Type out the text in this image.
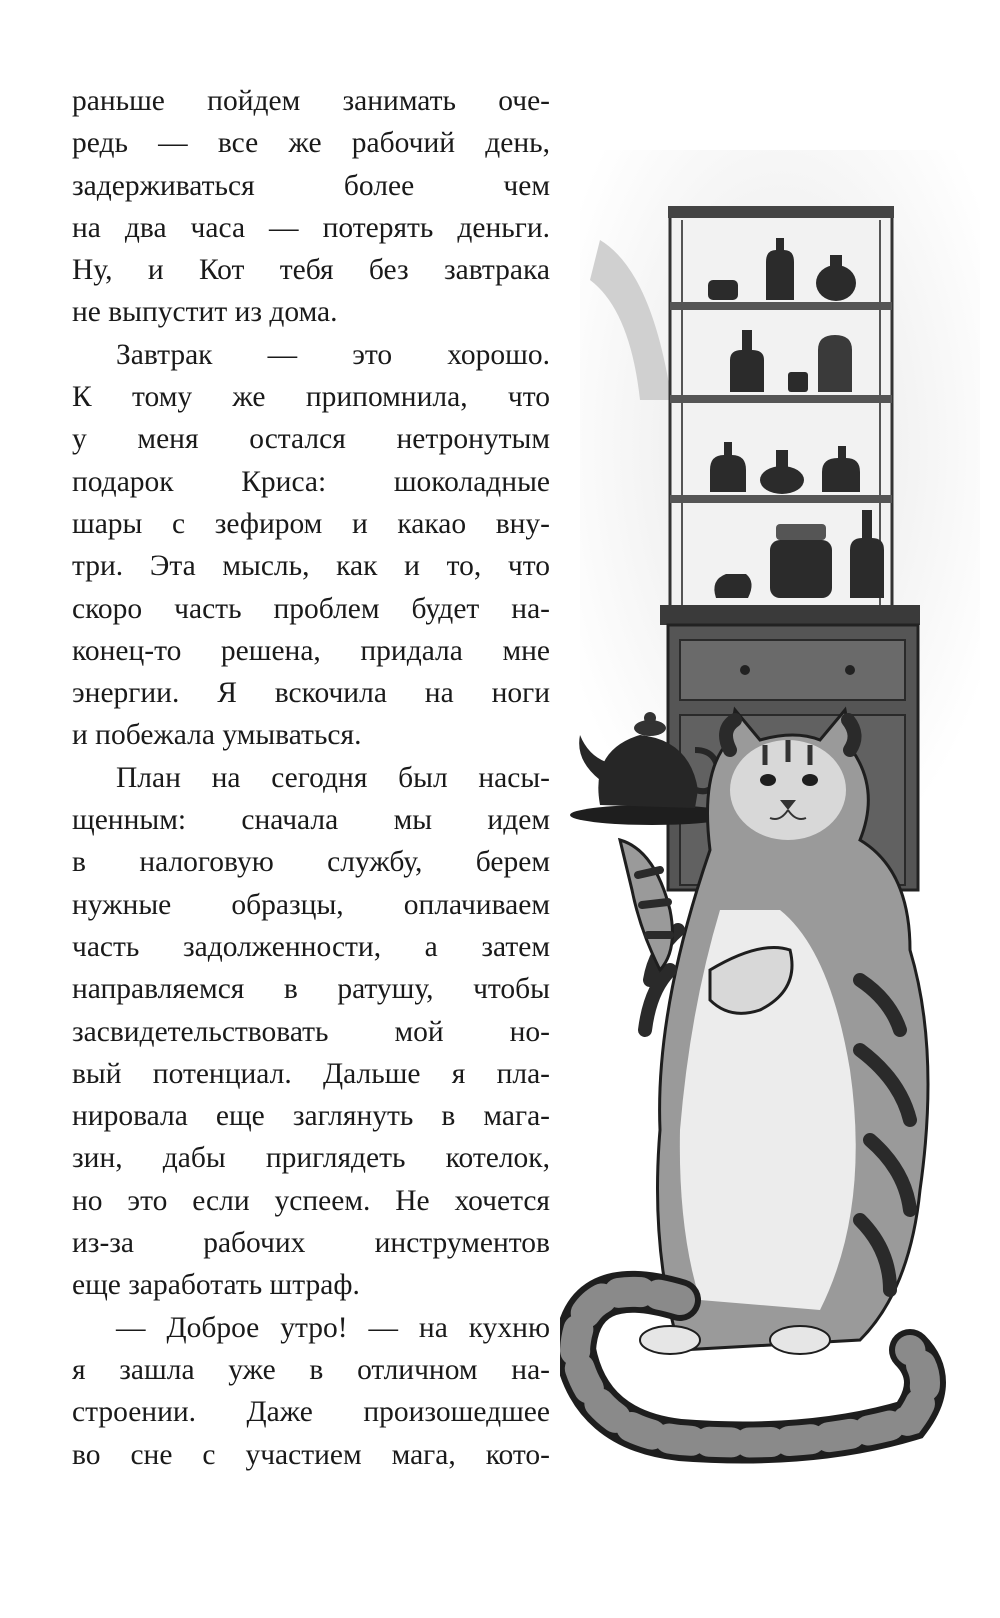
раньше пойдем занимать оче-
редь — все же рабочий день,
задерживаться более чем
на два часа — потерять деньги.
Ну, и Кот тебя без завтрака
не выпустит из дома.
Завтрак — это хорошо.
К тому же припомнила, что
у меня остался нетронутым
подарок Криса: шоколадные
шары с зефиром и какао вну-
три. Эта мысль, как и то, что
скоро часть проблем будет на-
конец-то решена, придала мне
энергии. Я вскочила на ноги
и побежала умываться.
План на сегодня был насы-
щенным: сначала мы идем
в налоговую службу, берем
нужные образцы, оплачиваем
часть задолженности, а затем
направляемся в ратушу, чтобы
засвидетельствовать мой но-
вый потенциал. Дальше я пла-
нировала еще заглянуть в мага-
зин, дабы приглядеть котелок,
но это если успеем. Не хочется
из-за рабочих инструментов
еще заработать штраф.
— Доброе утро! — на кухню
я зашла уже в отличном на-
строении. Даже произошедшее
во сне с участием мага, кото-
